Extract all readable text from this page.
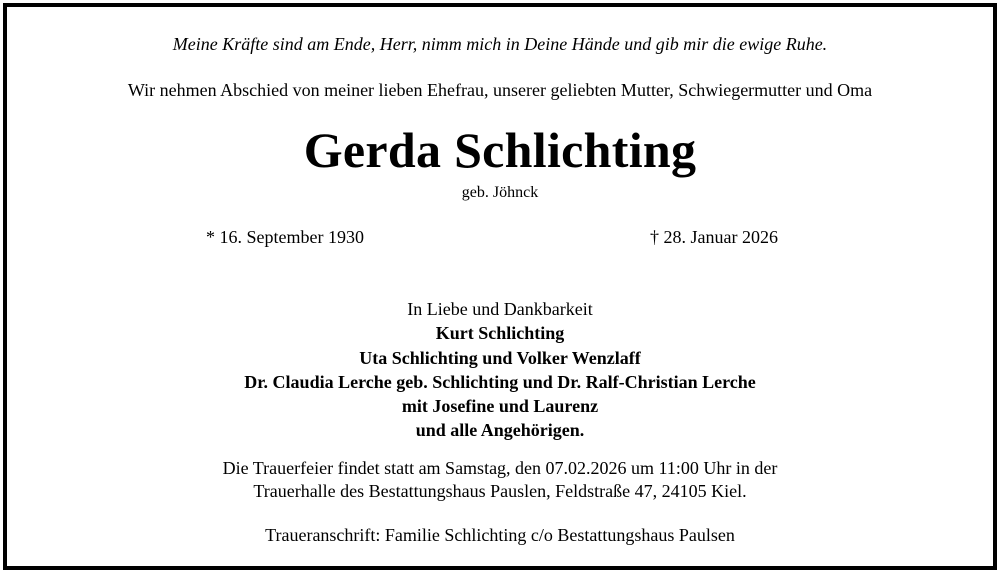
Meine Kräfte sind am Ende, Herr, nimm mich in Deine Hände und gib mir die ewige Ruhe.
Wir nehmen Abschied von meiner lieben Ehefrau, unserer geliebten Mutter, Schwiegermutter und Oma
Gerda Schlichting
geb. Jöhnck
* 16. September 1930	† 28. Januar 2026
In Liebe und Dankbarkeit
Kurt Schlichting
Uta Schlichting und Volker Wenzlaff
Dr. Claudia Lerche geb. Schlichting und Dr. Ralf-Christian Lerche
mit Josefine und Laurenz
und alle Angehörigen.
Die Trauerfeier findet statt am Samstag, den 07.02.2026 um 11:00 Uhr in der
Trauerhalle des Bestattungshaus Pauslen, Feldstraße 47, 24105 Kiel.
Traueranschrift: Familie Schlichting c/o Bestattungshaus Paulsen
